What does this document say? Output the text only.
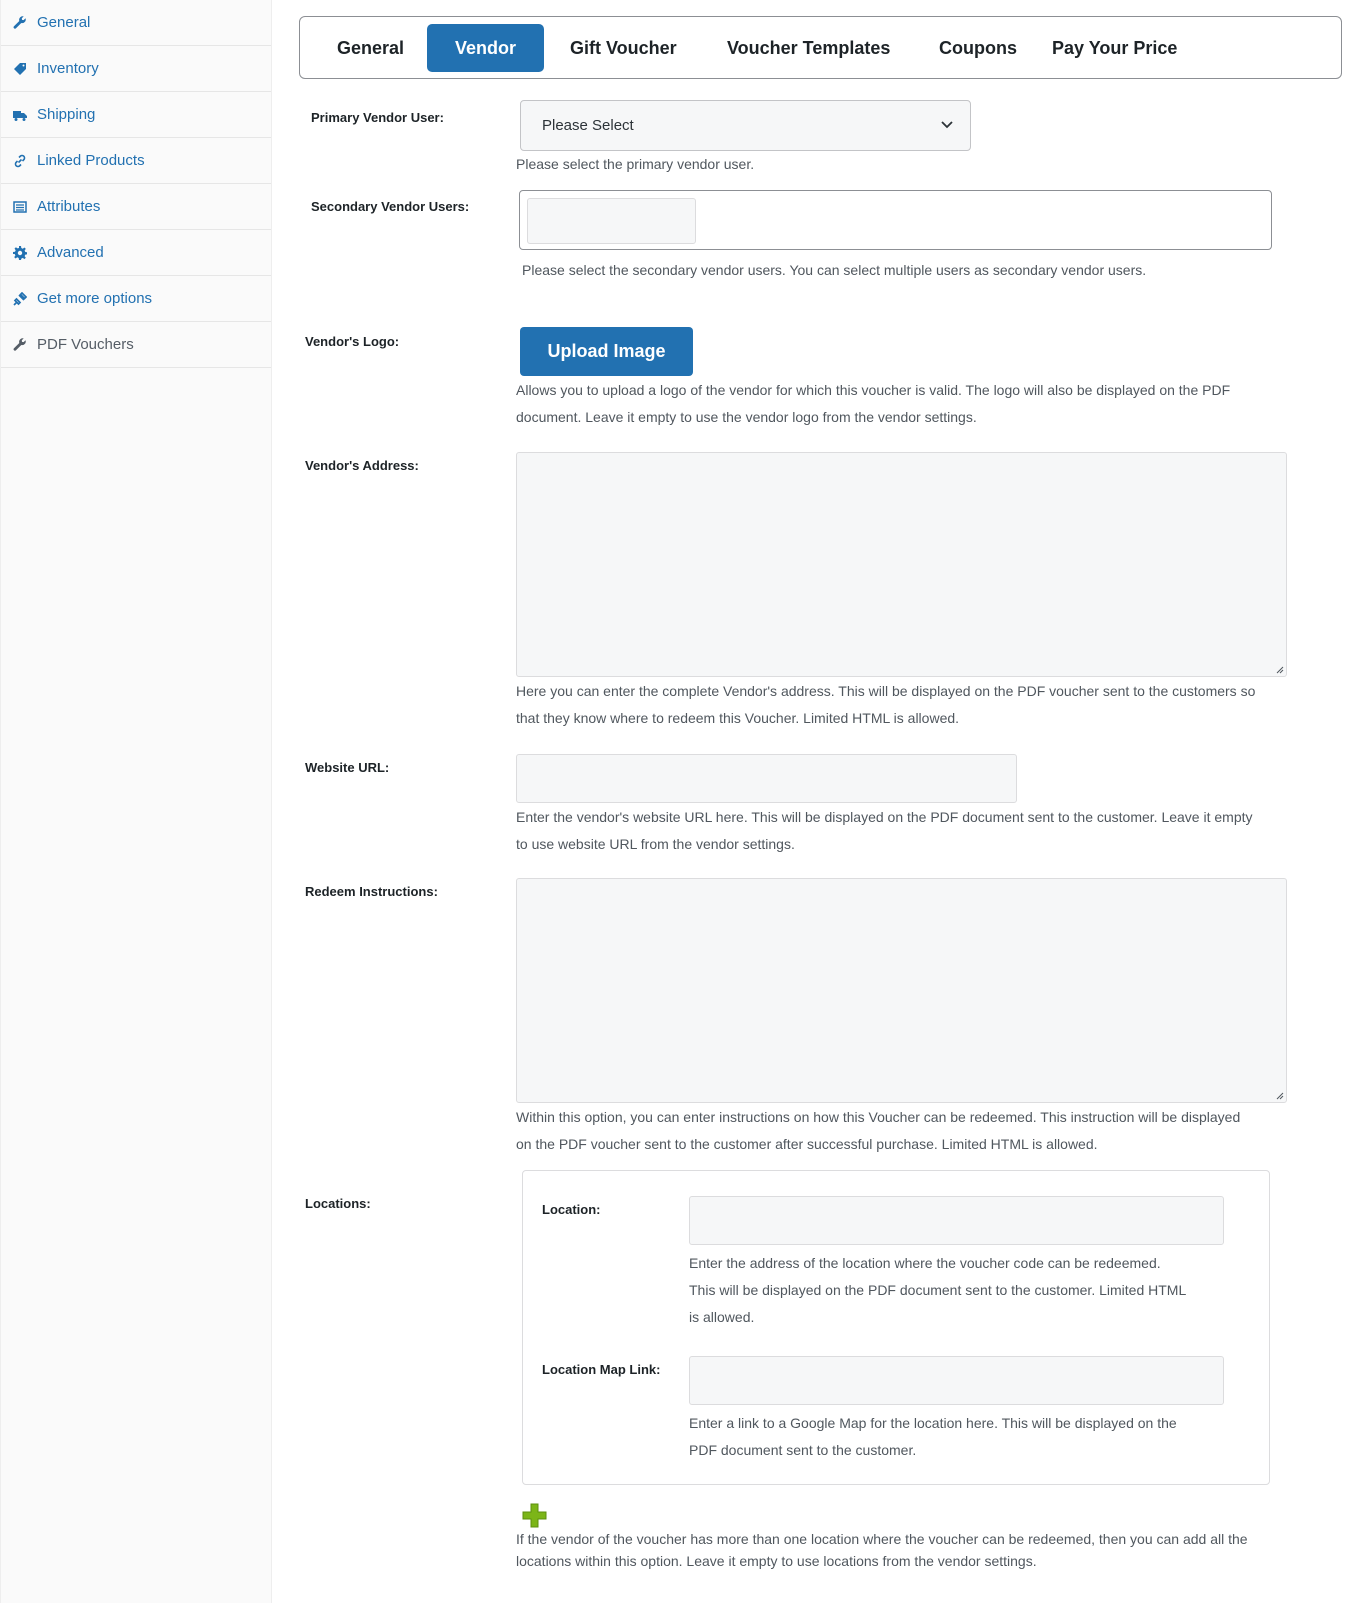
General
Inventory
Shipping
Linked Products
Attributes
Advanced
Get more options
PDF Vouchers
General	Vendor	Gift Voucher	Voucher Templates	Coupons	Pay Your Price
Primary Vendor User:	Please Select
Please select the primary vendor user.
Secondary Vendor Users:
Please select the secondary vendor users. You can select multiple users as secondary vendor users.
Vendor's Logo:	Upload Image
Allows you to upload a logo of the vendor for which this voucher is valid. The logo will also be displayed on the PDF
document. Leave it empty to use the vendor logo from the vendor settings.
Vendor's Address:
Here you can enter the complete Vendor's address. This will be displayed on the PDF voucher sent to the customers so
that they know where to redeem this Voucher. Limited HTML is allowed.
Website URL:
Enter the vendor's website URL here. This will be displayed on the PDF document sent to the customer. Leave it empty
to use website URL from the vendor settings.
Redeem Instructions:
Within this option, you can enter instructions on how this Voucher can be redeemed. This instruction will be displayed
on the PDF voucher sent to the customer after successful purchase. Limited HTML is allowed.
Locations:	Location:
Enter the address of the location where the voucher code can be redeemed.
This will be displayed on the PDF document sent to the customer. Limited HTML
is allowed.
Location Map Link:
Enter a link to a Google Map for the location here. This will be displayed on the
PDF document sent to the customer.
If the vendor of the voucher has more than one location where the voucher can be redeemed, then you can add all the
locations within this option. Leave it empty to use locations from the vendor settings.
